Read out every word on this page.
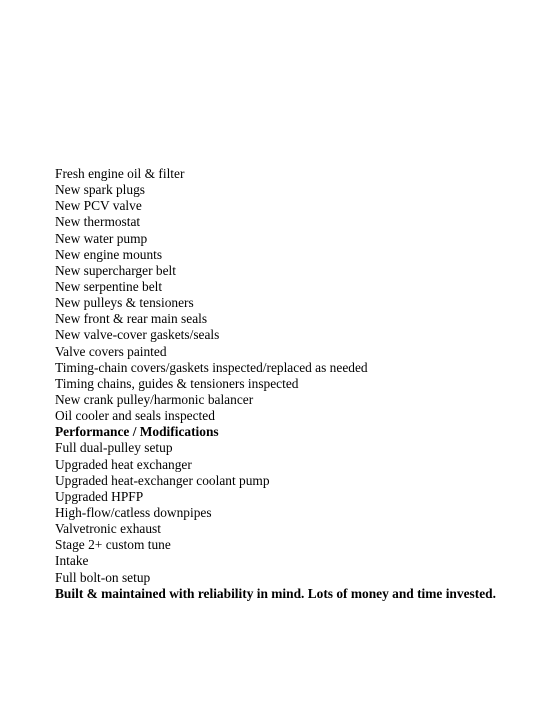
Fresh engine oil & filter
New spark plugs
New PCV valve
New thermostat
New water pump
New engine mounts
New supercharger belt
New serpentine belt
New pulleys & tensioners
New front & rear main seals
New valve-cover gaskets/seals
Valve covers painted
Timing-chain covers/gaskets inspected/replaced as needed
Timing chains, guides & tensioners inspected
New crank pulley/harmonic balancer
Oil cooler and seals inspected
Performance / Modifications
Full dual-pulley setup
Upgraded heat exchanger
Upgraded heat-exchanger coolant pump
Upgraded HPFP
High-flow/catless downpipes
Valvetronic exhaust
Stage 2+ custom tune
Intake
Full bolt-on setup
Built & maintained with reliability in mind. Lots of money and time invested.
